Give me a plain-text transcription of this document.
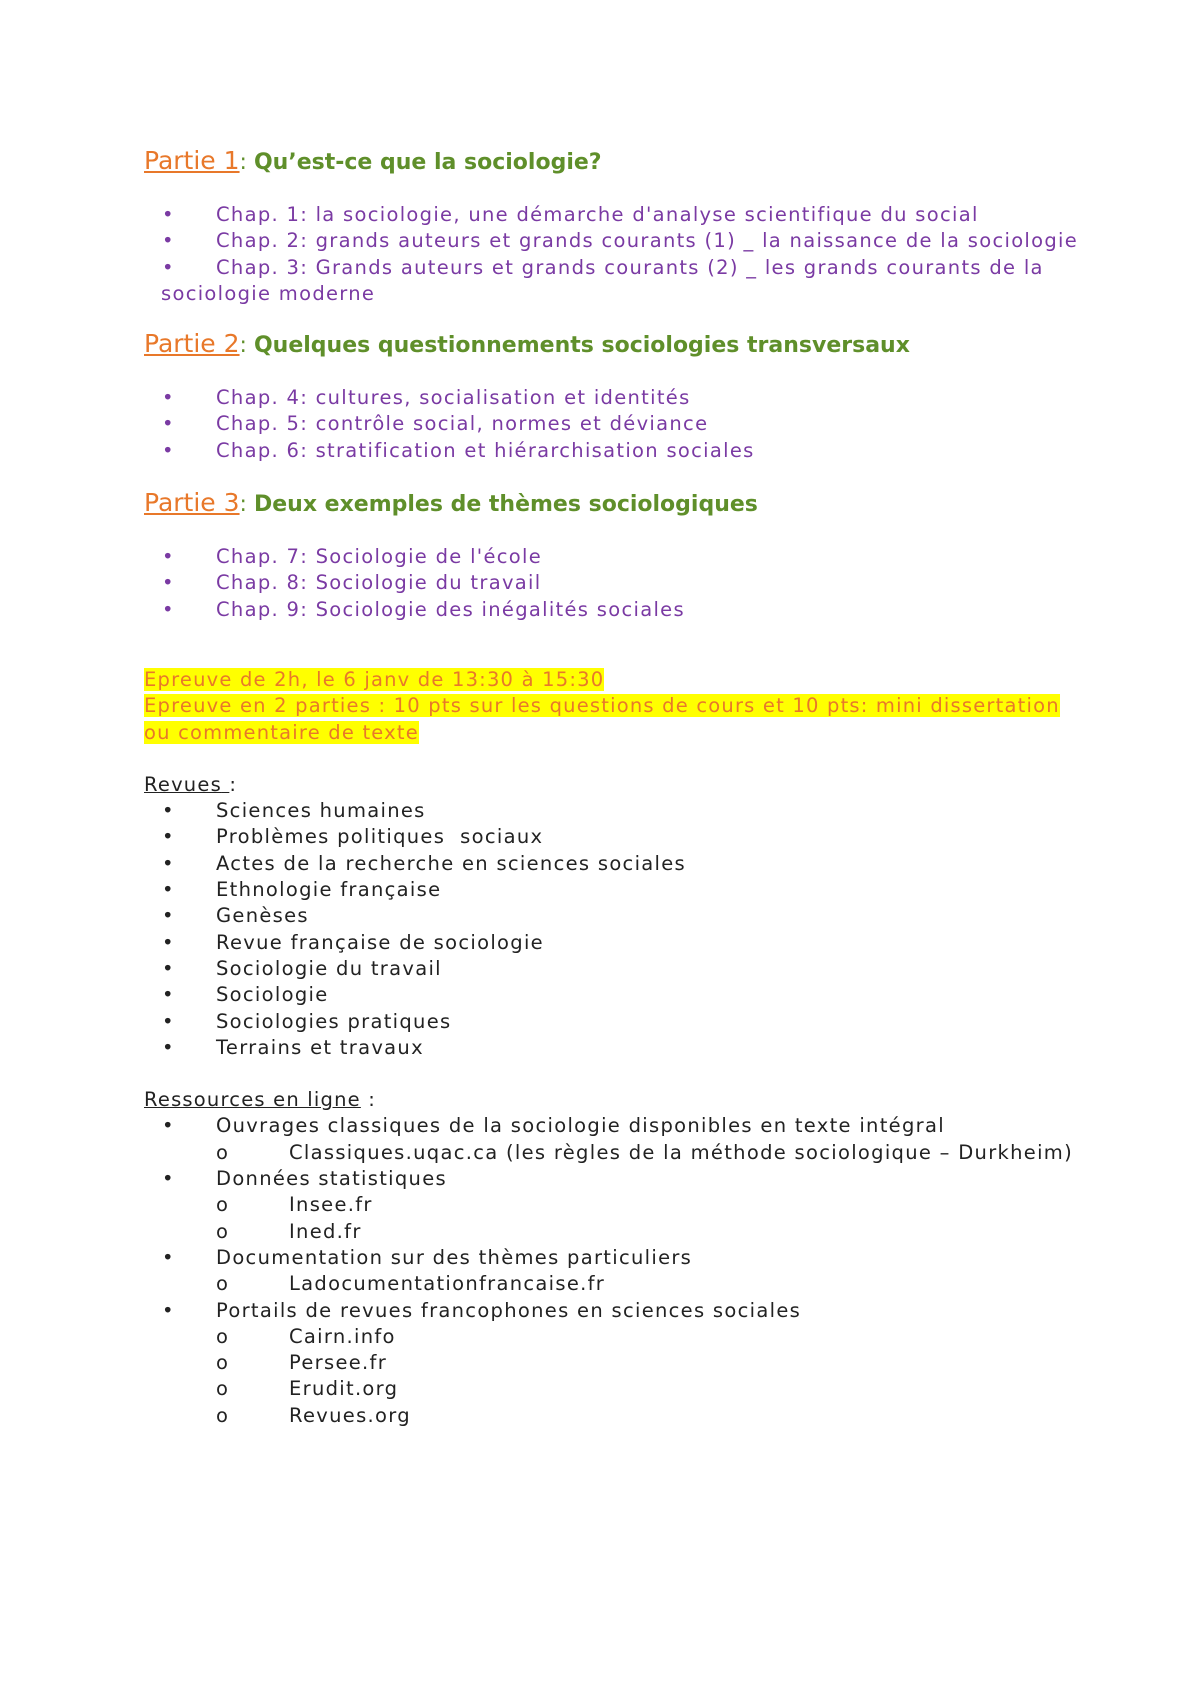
Partie 1: Qu’est-ce que la sociologie?

• Chap. 1: la sociologie, une démarche d'analyse scientifique du social
• Chap. 2: grands auteurs et grands courants (1) _ la naissance de la sociologie
• Chap. 3: Grands auteurs et grands courants (2) _ les grands courants de la
sociologie moderne

Partie 2: Quelques questionnements sociologies transversaux

• Chap. 4: cultures, socialisation et identités
• Chap. 5: contrôle social, normes et déviance
• Chap. 6: stratification et hiérarchisation sociales

Partie 3: Deux exemples de thèmes sociologiques

• Chap. 7: Sociologie de l'école
• Chap. 8: Sociologie du travail
• Chap. 9: Sociologie des inégalités sociales
Epreuve de 2h, le 6 janv de 13:30 à 15:30
Epreuve en 2 parties : 10 pts sur les questions de cours et 10 pts: mini dissertation
ou commentaire de texte
Revues :
• Sciences humaines
• Problèmes politiques  sociaux
• Actes de la recherche en sciences sociales
• Ethnologie française
• Genèses
• Revue française de sociologie
• Sociologie du travail
• Sociologie
• Sociologies pratiques
• Terrains et travaux
Ressources en ligne :
• Ouvrages classiques de la sociologie disponibles en texte intégral
o	Classiques.uqac.ca (les règles de la méthode sociologique – Durkheim)
• Données statistiques
o	Insee.fr
o	Ined.fr
• Documentation sur des thèmes particuliers
o	Ladocumentationfrancaise.fr
• Portails de revues francophones en sciences sociales
o	Cairn.info
o	Persee.fr
o	Erudit.org
o	Revues.org
